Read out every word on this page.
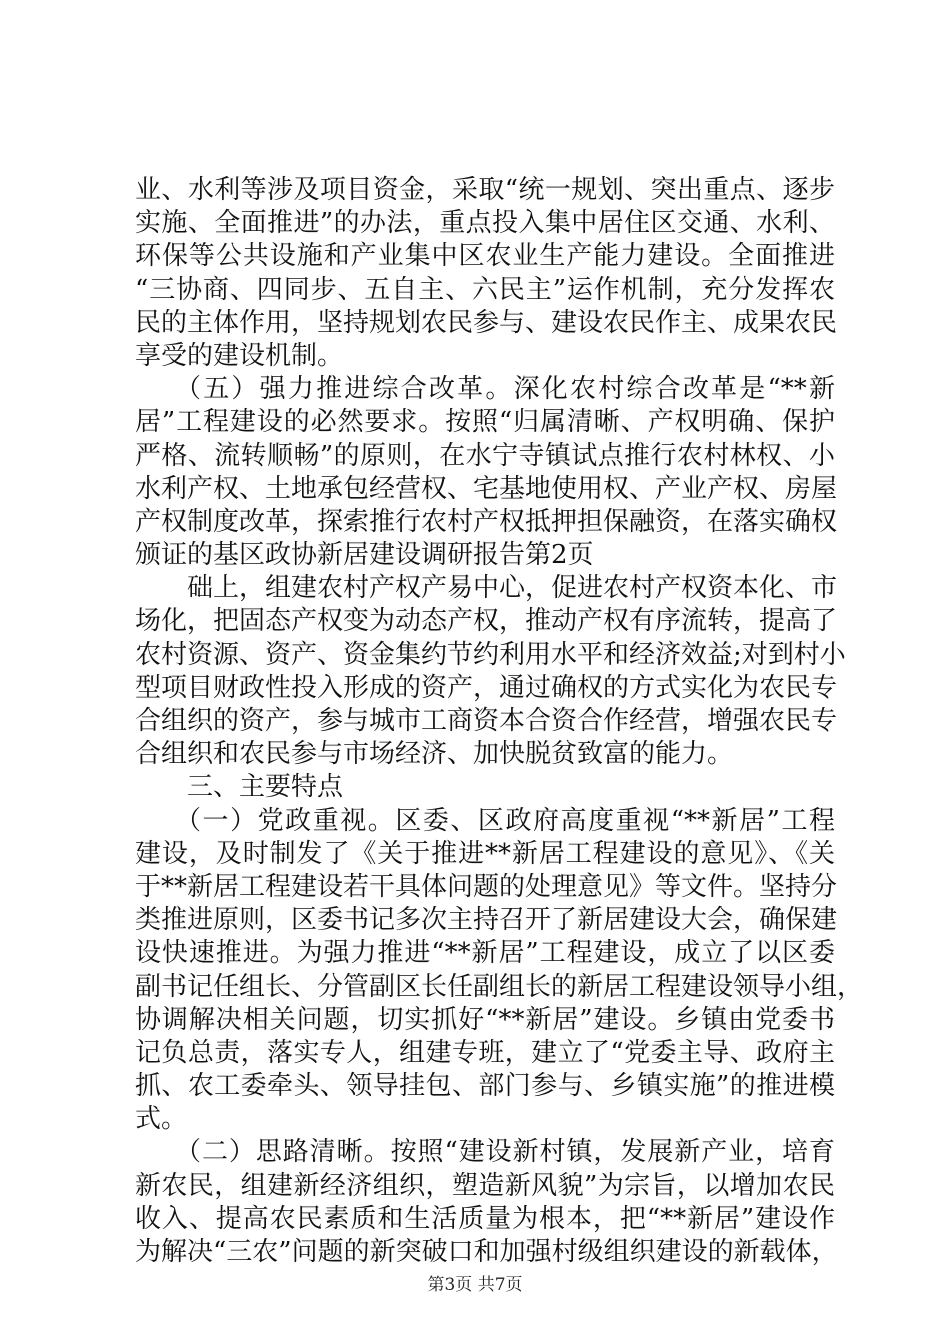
业、水利等涉及项目资金，采取“统一规划、突出重点、逐步
实施、全面推进”的办法，重点投入集中居住区交通、水利、
环保等公共设施和产业集中区农业生产能力建设。全面推进
“三协商、四同步、五自主、六民主”运作机制，充分发挥农
民的主体作用，坚持规划农民参与、建设农民作主、成果农民
享受的建设机制。
（五）强力推进综合改革。深化农村综合改革是“**新
居”工程建设的必然要求。按照“归属清晰、产权明确、保护
严格、流转顺畅”的原则，在水宁寺镇试点推行农村林权、小
水利产权、土地承包经营权、宅基地使用权、产业产权、房屋
产权制度改革，探索推行农村产权抵押担保融资，在落实确权
颁证的基区政协新居建设调研报告第2页
础上，组建农村产权产易中心，促进农村产权资本化、市
场化，把固态产权变为动态产权，推动产权有序流转，提高了
农村资源、资产、资金集约节约利用水平和经济效益;对到村小
型项目财政性投入形成的资产，通过确权的方式实化为农民专
合组织的资产，参与城市工商资本合资合作经营，增强农民专
合组织和农民参与市场经济、加快脱贫致富的能力。
三、主要特点
（一）党政重视。区委、区政府高度重视“**新居”工程
建设，及时制发了《关于推进**新居工程建设的意见》、《关
于**新居工程建设若干具体问题的处理意见》等文件。坚持分
类推进原则，区委书记多次主持召开了新居建设大会，确保建
设快速推进。为强力推进“**新居”工程建设，成立了以区委
副书记任组长、分管副区长任副组长的新居工程建设领导小组，
协调解决相关问题，切实抓好“**新居”建设。乡镇由党委书
记负总责，落实专人，组建专班，建立了“党委主导、政府主
抓、农工委牵头、领导挂包、部门参与、乡镇实施”的推进模
式。
（二）思路清晰。按照“建设新村镇，发展新产业，培育
新农民，组建新经济组织，塑造新风貌”为宗旨，以增加农民
收入、提高农民素质和生活质量为根本，把“**新居”建设作
为解决“三农”问题的新突破口和加强村级组织建设的新载体，
第3页 共7页
